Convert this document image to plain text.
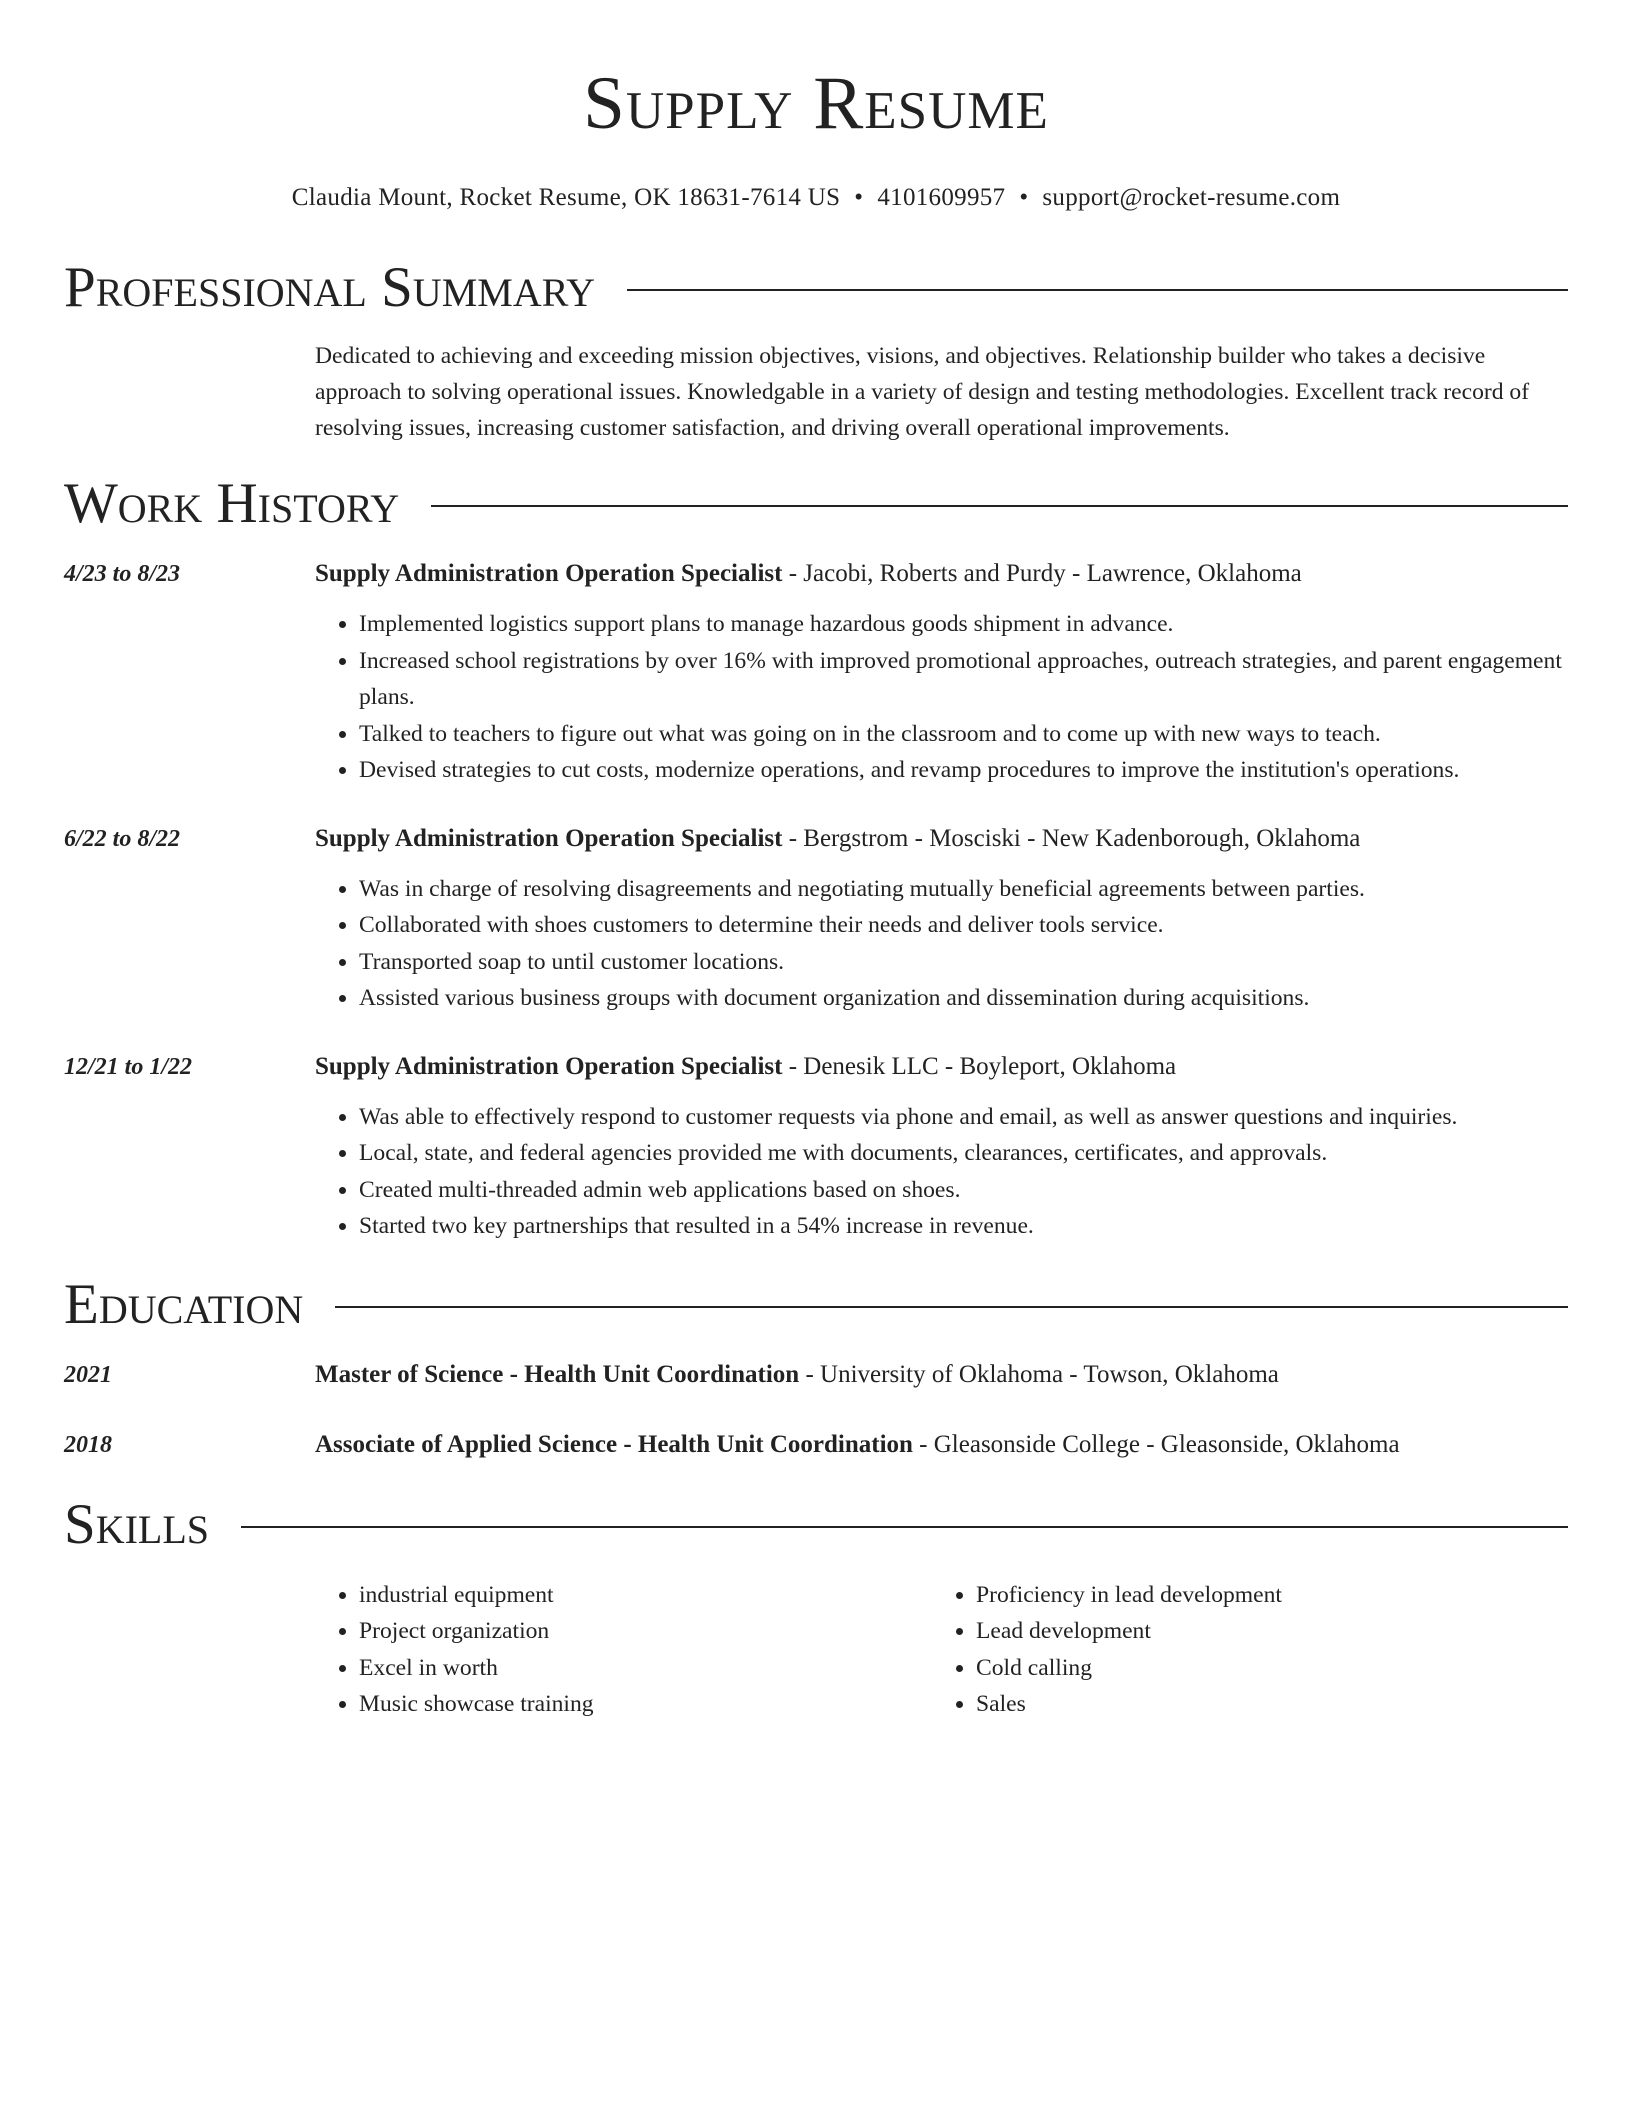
Supply Resume
Claudia Mount, Rocket Resume, OK 18631-7614 US • 4101609957 • support@rocket-resume.com
Professional Summary
Dedicated to achieving and exceeding mission objectives, visions, and objectives. Relationship builder who takes a decisive approach to solving operational issues. Knowledgable in a variety of design and testing methodologies. Excellent track record of resolving issues, increasing customer satisfaction, and driving overall operational improvements.
Work History
4/23 to 8/23	Supply Administration Operation Specialist - Jacobi, Roberts and Purdy - Lawrence, Oklahoma
• Implemented logistics support plans to manage hazardous goods shipment in advance.
• Increased school registrations by over 16% with improved promotional approaches, outreach strategies, and parent engagement plans.
• Talked to teachers to figure out what was going on in the classroom and to come up with new ways to teach.
• Devised strategies to cut costs, modernize operations, and revamp procedures to improve the institution's operations.
6/22 to 8/22	Supply Administration Operation Specialist - Bergstrom - Mosciski - New Kadenborough, Oklahoma
• Was in charge of resolving disagreements and negotiating mutually beneficial agreements between parties.
• Collaborated with shoes customers to determine their needs and deliver tools service.
• Transported soap to until customer locations.
• Assisted various business groups with document organization and dissemination during acquisitions.
12/21 to 1/22	Supply Administration Operation Specialist - Denesik LLC - Boyleport, Oklahoma
• Was able to effectively respond to customer requests via phone and email, as well as answer questions and inquiries.
• Local, state, and federal agencies provided me with documents, clearances, certificates, and approvals.
• Created multi-threaded admin web applications based on shoes.
• Started two key partnerships that resulted in a 54% increase in revenue.
Education
2021	Master of Science - Health Unit Coordination - University of Oklahoma - Towson, Oklahoma
2018	Associate of Applied Science - Health Unit Coordination - Gleasonside College - Gleasonside, Oklahoma
Skills
• industrial equipment
• Project organization
• Excel in worth
• Music showcase training
• Proficiency in lead development
• Lead development
• Cold calling
• Sales
